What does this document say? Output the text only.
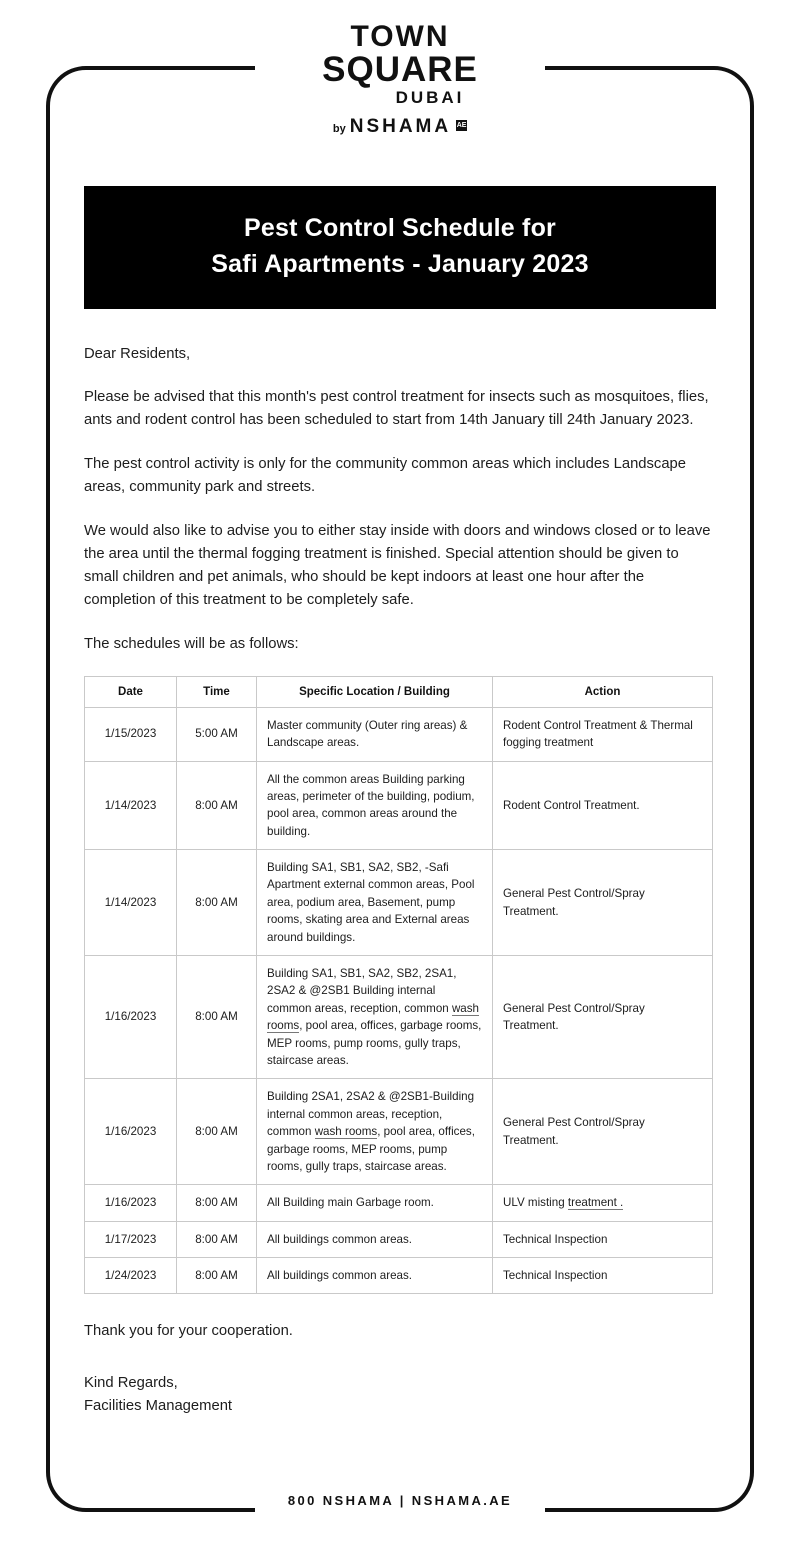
TOWN
SQUARE
DUBAI
by NSHAMA AE
Pest Control Schedule for
Safi Apartments - January 2023

Dear Residents,

Please be advised that this month's pest control treatment for insects such as mosquitoes, flies, ants and rodent control has been scheduled to start from 14th January till 24th January 2023.

The pest control activity is only for the community common areas which includes Landscape areas, community park and streets.

We would also like to advise you to either stay inside with doors and windows closed or to leave the area until the thermal fogging treatment is finished. Special attention should be given to small children and pet animals, who should be kept indoors at least one hour after the completion of this treatment to be completely safe.

The schedules will be as follows:

Date	Time	Specific Location / Building	Action
1/15/2023	5:00 AM	Master community (Outer ring areas) & Landscape areas.	Rodent Control Treatment & Thermal fogging treatment
1/14/2023	8:00 AM	All the common areas Building parking areas, perimeter of the building, podium, pool area, common areas around the building.	Rodent Control Treatment.
1/14/2023	8:00 AM	Building SA1, SB1, SA2, SB2, -Safi Apartment external common areas, Pool area, podium area, Basement, pump rooms, skating area and External areas around buildings.	General Pest Control/Spray Treatment.
1/16/2023	8:00 AM	Building SA1, SB1, SA2, SB2, 2SA1, 2SA2 & @2SB1 Building internal common areas, reception, common wash rooms, pool area, offices, garbage rooms, MEP rooms, pump rooms, gully traps, staircase areas.	General Pest Control/Spray Treatment.
1/16/2023	8:00 AM	Building 2SA1, 2SA2 & @2SB1-Building internal common areas, reception, common wash rooms, pool area, offices, garbage rooms, MEP rooms, pump rooms, gully traps, staircase areas.	General Pest Control/Spray Treatment.
1/16/2023	8:00 AM	All Building main Garbage room.	ULV misting treatment .
1/17/2023	8:00 AM	All buildings common areas.	Technical Inspection
1/24/2023	8:00 AM	All buildings common areas.	Technical Inspection
Thank you for your cooperation.
Kind Regards,
Facilities Management
800 NSHAMA | NSHAMA.AE
